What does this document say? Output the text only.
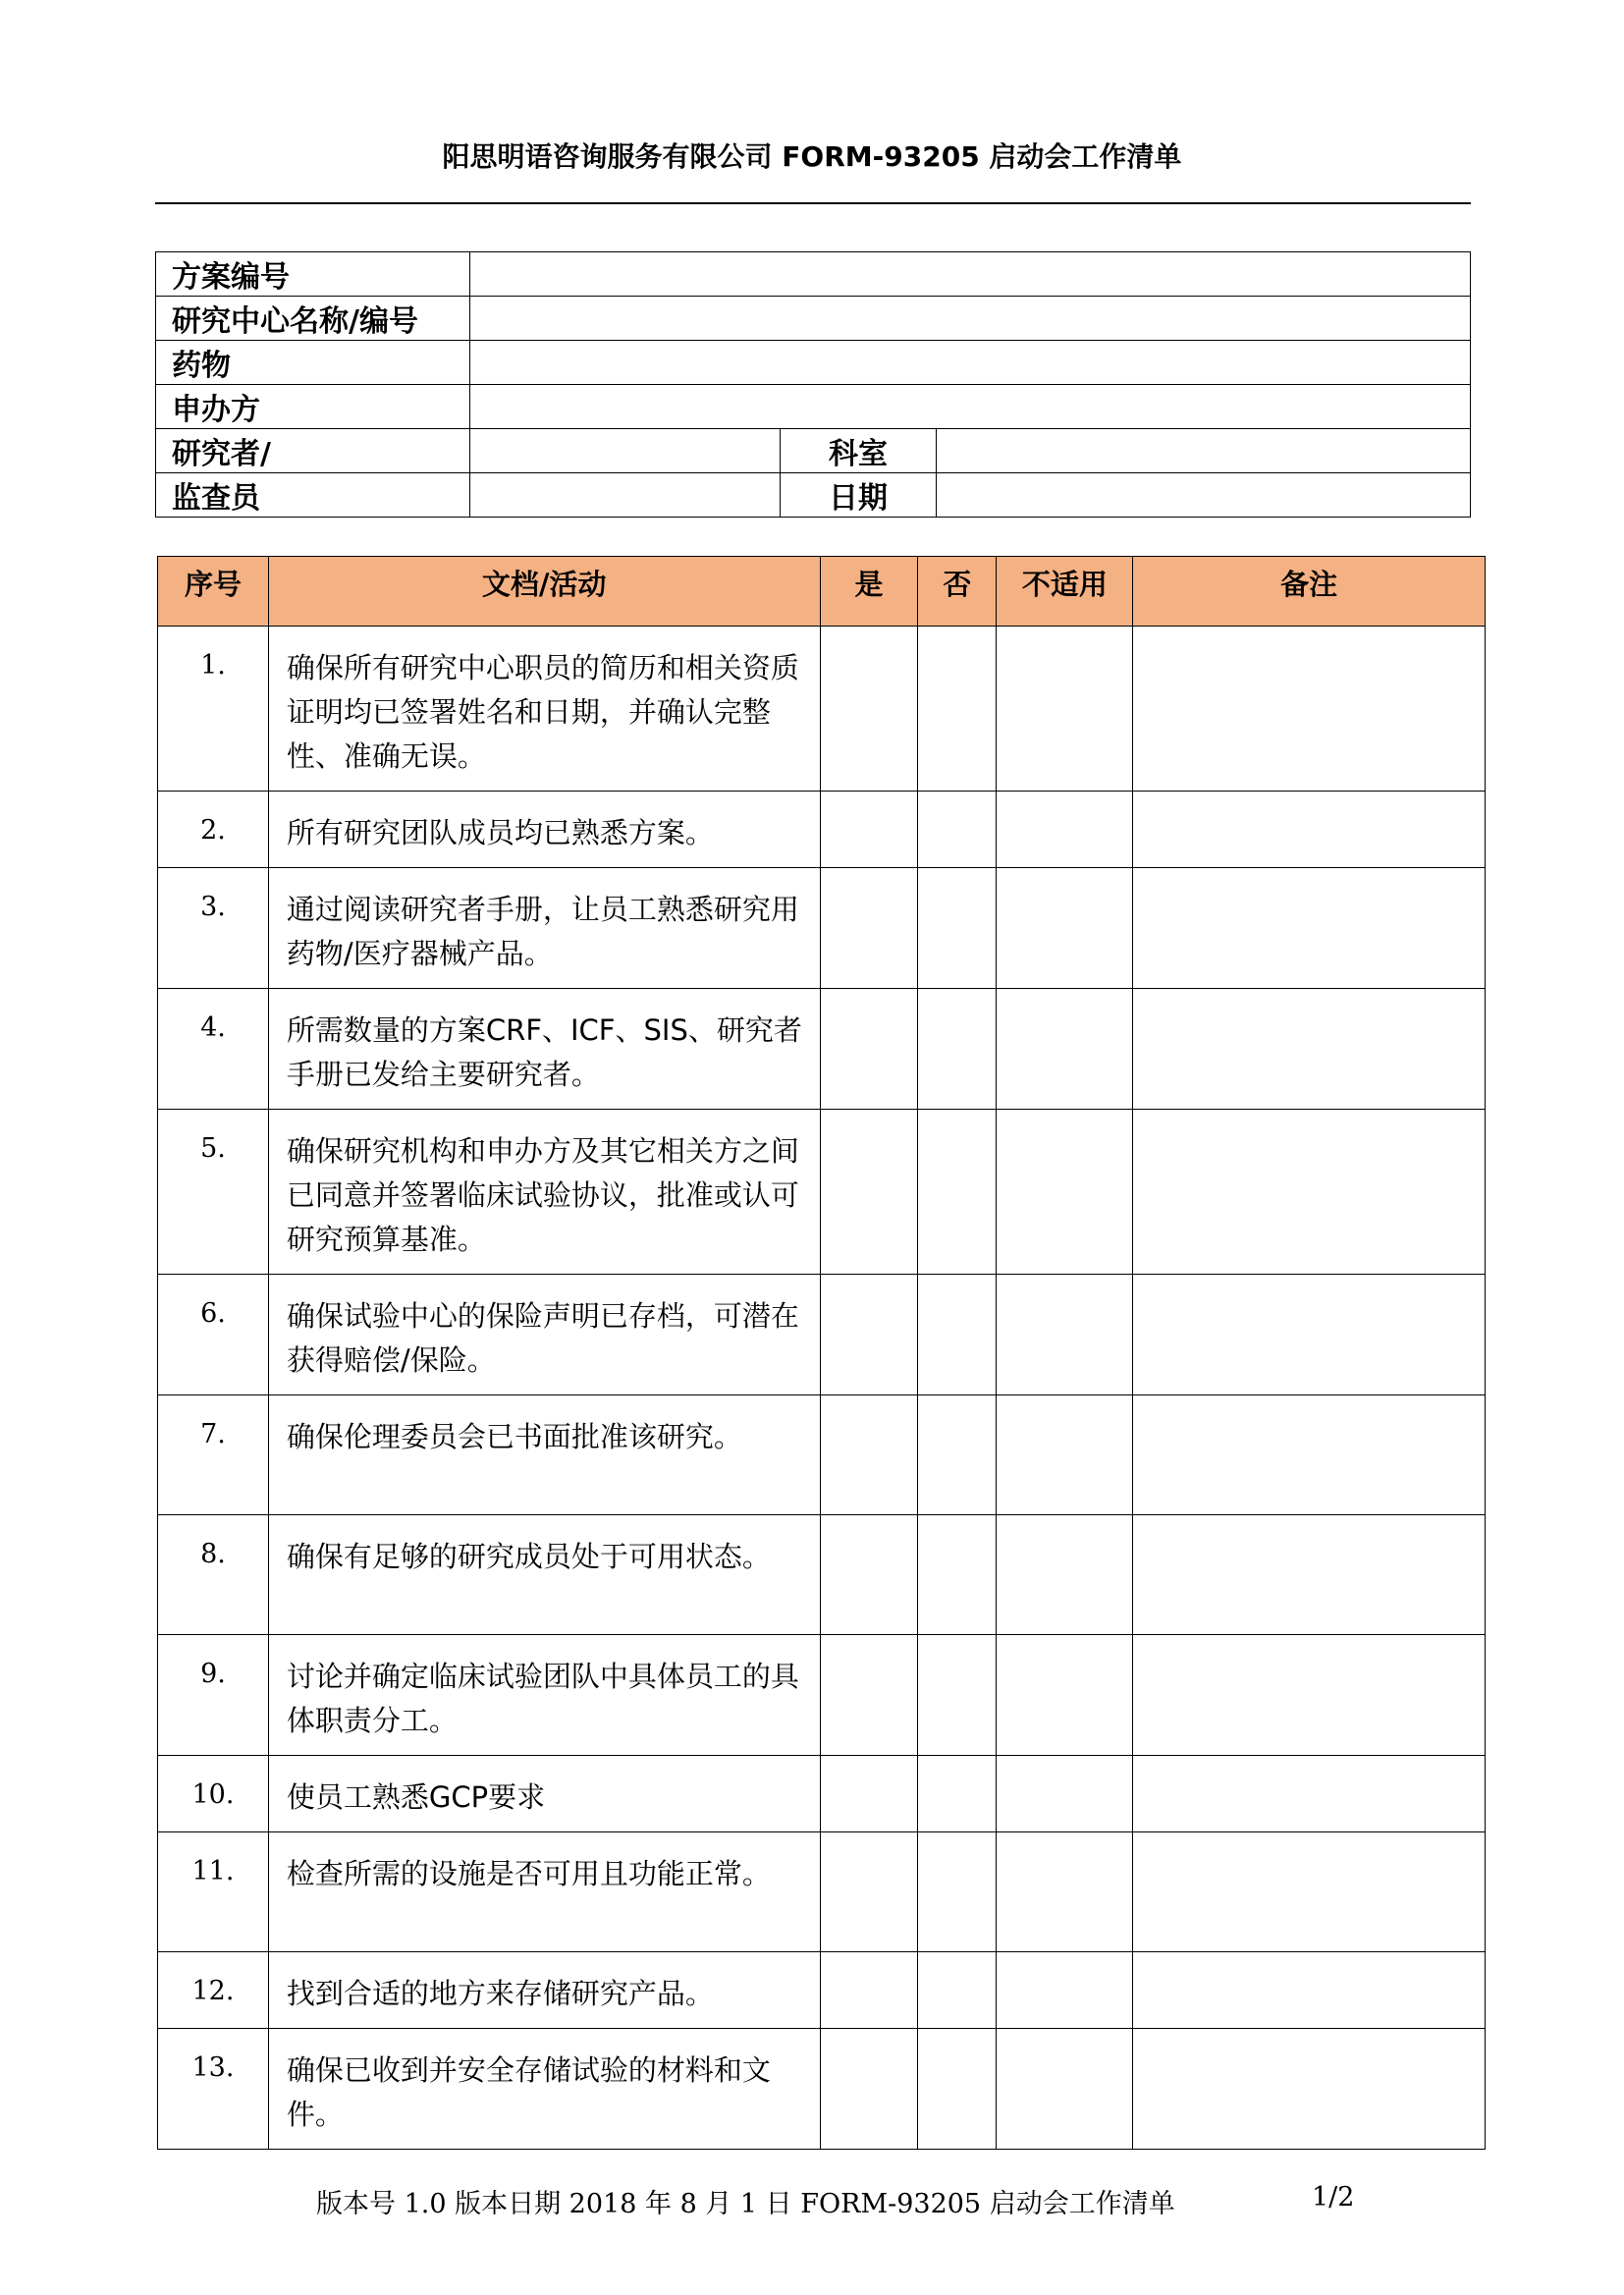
阳思明语咨询服务有限公司 FORM-93205 启动会工作清单
方案编号			
研究中心名称/编号			
药物			
申办方			
研究者/		科室	
监查员		日期	
序号	文档/活动	是	否	不适用	备注
1.	确保所有研究中心职员的简历和相关资质证明均已签署姓名和日期，并确认完整性、准确无误。				
2.	所有研究团队成员均已熟悉方案。				
3.	通过阅读研究者手册，让员工熟悉研究用药物/医疗器械产品。				
4.	所需数量的方案CRF、ICF、SIS、研究者手册已发给主要研究者。				
5.	确保研究机构和申办方及其它相关方之间已同意并签署临床试验协议，批准或认可研究预算基准。				
6.	确保试验中心的保险声明已存档，可潜在获得赔偿/保险。				
7.	确保伦理委员会已书面批准该研究。				
8.	确保有足够的研究成员处于可用状态。				
9.	讨论并确定临床试验团队中具体员工的具体职责分工。				
10.	使员工熟悉GCP要求				
11.	检查所需的设施是否可用且功能正常。				
12.	找到合适的地方来存储研究产品。				
13.	确保已收到并安全存储试验的材料和文件。				
版本号 1.0 版本日期 2018 年 8 月 1 日 FORM-93205 启动会工作清单	1/2
